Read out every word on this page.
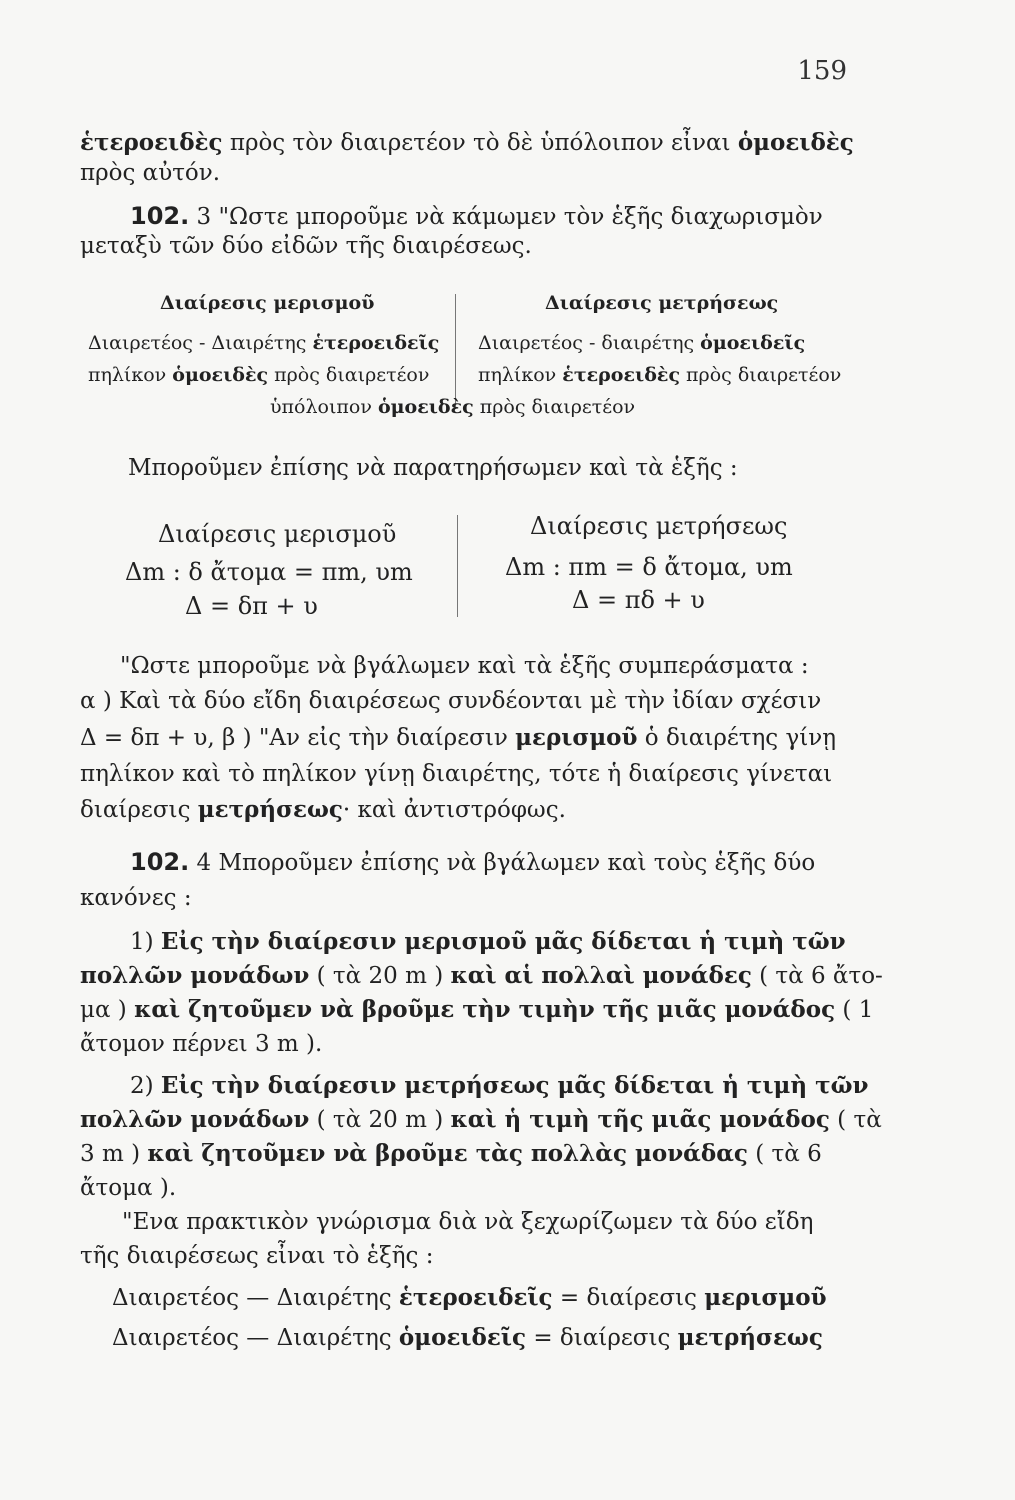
159
ἑτεροειδὲς πρὸς τὸν διαιρετέον τὸ δὲ ὑπόλοιπον εἶναι ὁμοειδὲς
πρὸς αὐτόν.
102. 3 "Ωστε μποροῦμε νὰ κάμωμεν τὸν ἑξῆς διαχωρισμὸν
μεταξὺ τῶν δύο εἰδῶν τῆς διαιρέσεως.
Διαίρεσις μερισμοῦ	Διαίρεσις μετρήσεως
Διαιρετέος - Διαιρέτης ἑτεροειδεῖς
πηλίκον ὁμοειδὲς πρὸς διαιρετέον
Διαιρετέος - διαιρέτης ὁμοειδεῖς
πηλίκον ἑτεροειδὲς πρὸς διαιρετέον
ὑπόλοιπον ὁμοειδὲς πρὸς διαιρετέον
Μποροῦμεν ἐπίσης νὰ παρατηρήσωμεν καὶ τὰ ἑξῆς :
Διαίρεσις μερισμοῦ	Διαίρεσις μετρήσεως
Δm : δ ἄτομα = πm, υm
Δ = δπ + υ
Δm : πm = δ ἄτομα, υm
Δ = πδ + υ
"Ωστε μποροῦμε νὰ βγάλωμεν καὶ τὰ ἑξῆς συμπεράσματα :
α ) Καὶ τὰ δύο εἴδη διαιρέσεως συνδέονται μὲ τὴν ἰδίαν σχέσιν
Δ = δπ + υ, β ) "Αν εἰς τὴν διαίρεσιν μερισμοῦ ὁ διαιρέτης γίνῃ
πηλίκον καὶ τὸ πηλίκον γίνῃ διαιρέτης, τότε ἡ διαίρεσις γίνεται
διαίρεσις μετρήσεως· καὶ ἀντιστρόφως.
102. 4 Μποροῦμεν ἐπίσης νὰ βγάλωμεν καὶ τοὺς ἑξῆς δύο
κανόνες :
1) Εἰς τὴν διαίρεσιν μερισμοῦ μᾶς δίδεται ἡ τιμὴ τῶν
πολλῶν μονάδων ( τὰ 20 m ) καὶ αἱ πολλαὶ μονάδες ( τὰ 6 ἄτο-
μα ) καὶ ζητοῦμεν νὰ βροῦμε τὴν τιμὴν τῆς μιᾶς μονάδος ( 1
ἄτομον πέρνει 3 m ).
2) Εἰς τὴν διαίρεσιν μετρήσεως μᾶς δίδεται ἡ τιμὴ τῶν
πολλῶν μονάδων ( τὰ 20 m ) καὶ ἡ τιμὴ τῆς μιᾶς μονάδος ( τὰ
3 m ) καὶ ζητοῦμεν νὰ βροῦμε τὰς πολλὰς μονάδας ( τὰ 6
ἄτομα ).
"Ενα πρακτικὸν γνώρισμα διὰ νὰ ξεχωρίζωμεν τὰ δύο εἴδη
τῆς διαιρέσεως εἶναι τὸ ἑξῆς :
Διαιρετέος — Διαιρέτης ἑτεροειδεῖς = διαίρεσις μερισμοῦ
Διαιρετέος — Διαιρέτης ὁμοειδεῖς = διαίρεσις μετρήσεως
